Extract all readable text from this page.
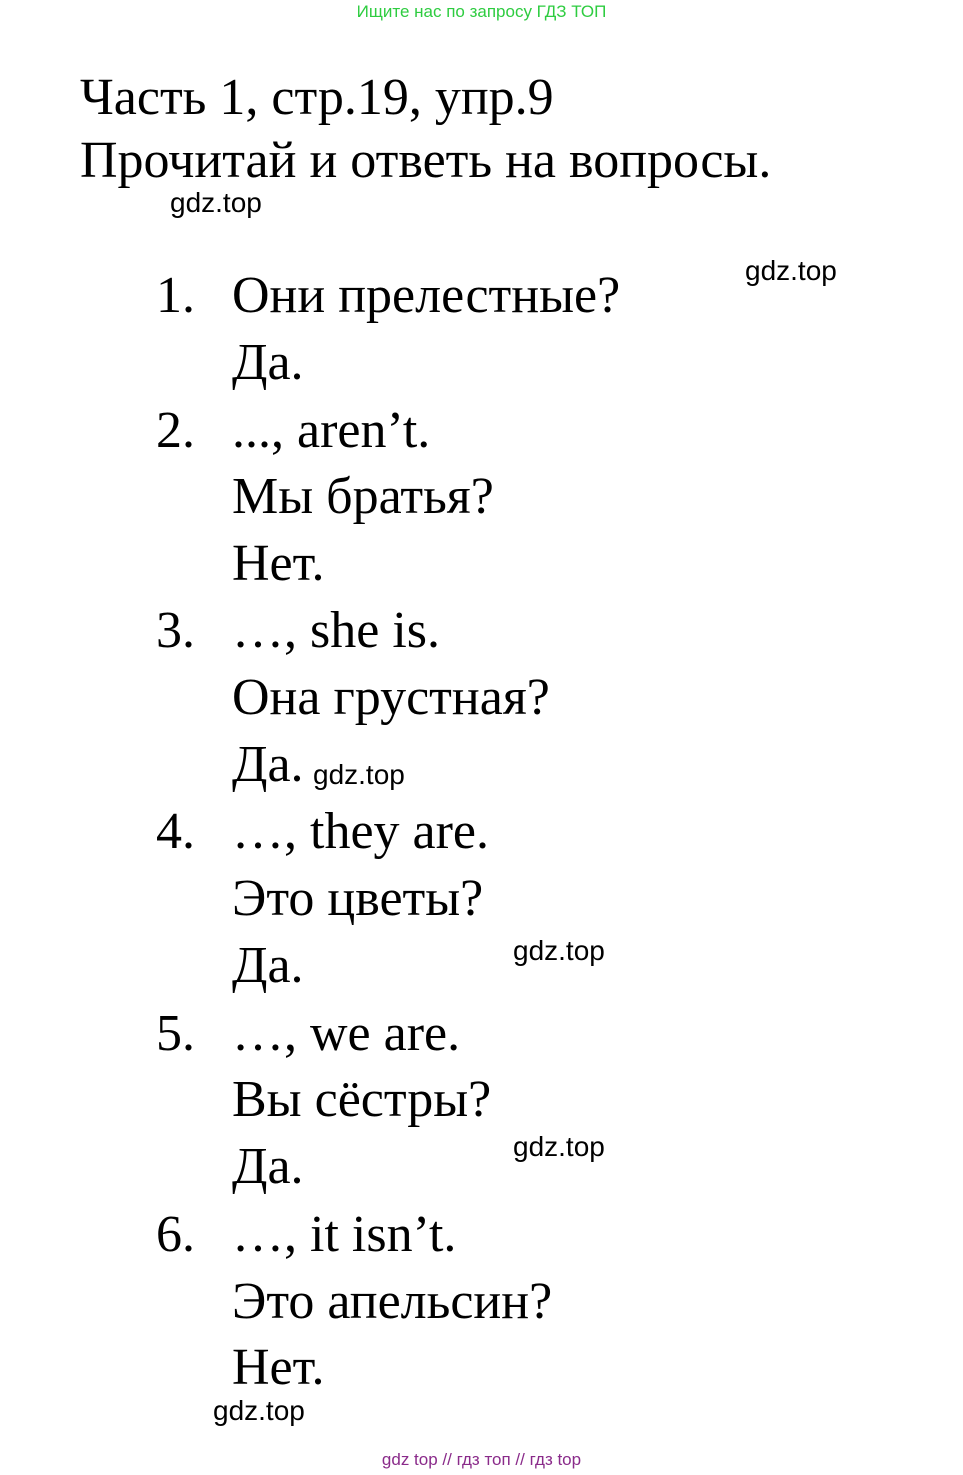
Ищите нас по запросу ГДЗ ТОП
Часть 1, стр.19, упр.9
Прочитай и ответь на вопросы.
1. Они прелестные?
Да.
2. ..., aren’t.
Мы братья?
Нет.
3. …, she is.
Она грустная?
Да.
4. …, they are.
Это цветы?
Да.
5. …, we are.
Вы сёстры?
Да.
6. …, it isn’t.
Это апельсин?
Нет.
gdz.top
gdz.top
gdz.top
gdz.top
gdz.top
gdz.top
gdz top // гдз топ // гдз top
